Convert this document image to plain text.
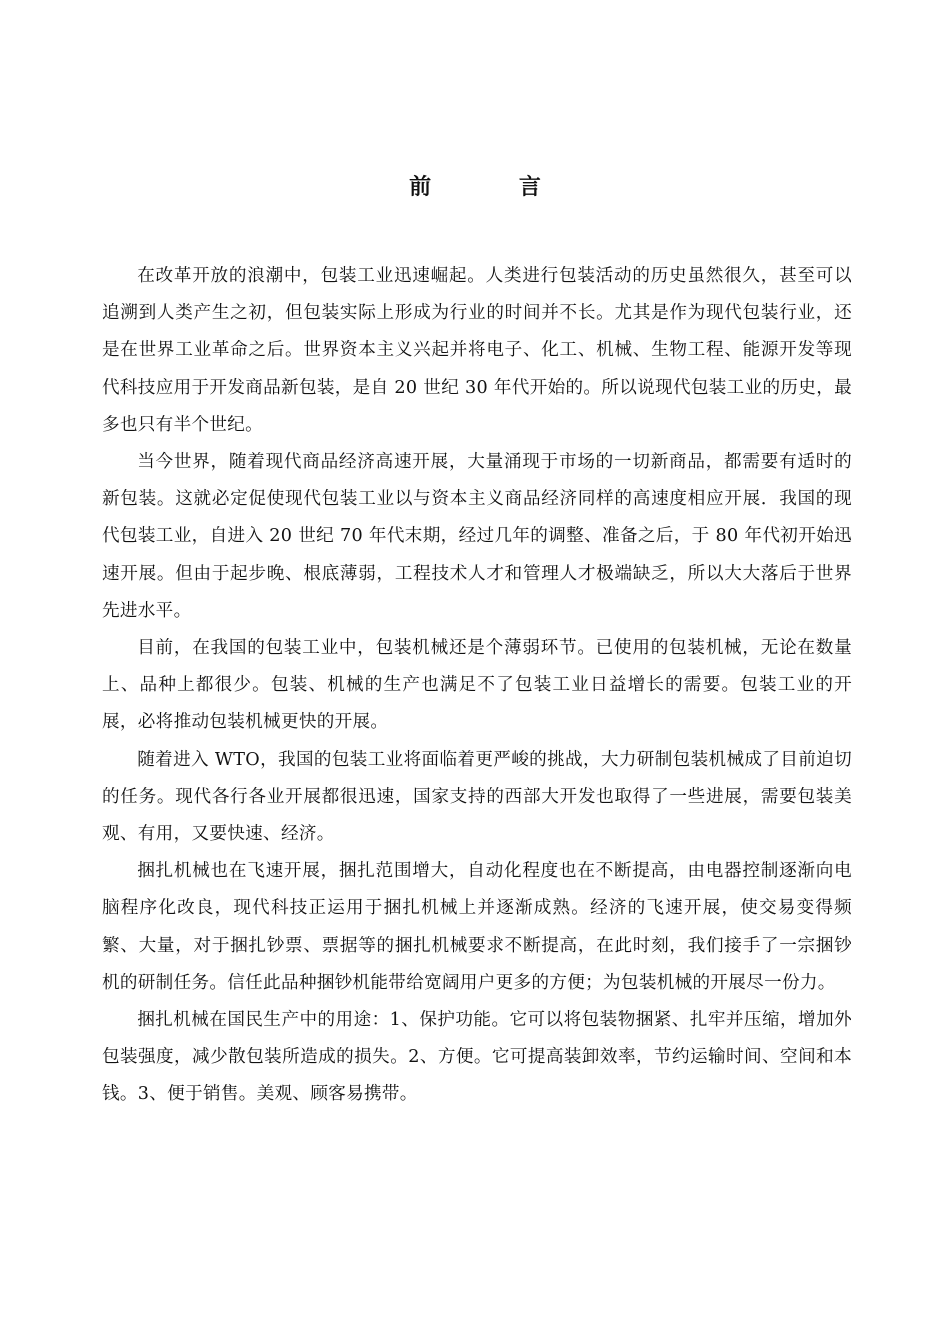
前 言

在改革开放的浪潮中，包装工业迅速崛起。人类进行包装活动的历史虽然很久，甚至可以追溯到人类产生之初，但包装实际上形成为行业的时间并不长。尤其是作为现代包装行业，还是在世界工业革命之后。世界资本主义兴起并将电子、化工、机械、生物工程、能源开发等现代科技应用于开发商品新包装，是自 20 世纪 30 年代开始的。所以说现代包装工业的历史，最多也只有半个世纪。

当今世界，随着现代商品经济高速开展，大量涌现于市场的一切新商品，都需要有适时的新包装。这就必定促使现代包装工业以与资本主义商品经济同样的高速度相应开展．我国的现代包装工业，自进入 20 世纪 70 年代末期，经过几年的调整、准备之后，于 80 年代初开始迅速开展。但由于起步晚、根底薄弱，工程技术人才和管理人才极端缺乏，所以大大落后于世界先进水平。

目前，在我国的包装工业中，包装机械还是个薄弱环节。已使用的包装机械，无论在数量上、品种上都很少。包装、机械的生产也满足不了包装工业日益增长的需要。包装工业的开展，必将推动包装机械更快的开展。

随着进入 WTO，我国的包装工业将面临着更严峻的挑战，大力研制包装机械成了目前迫切的任务。现代各行各业开展都很迅速，国家支持的西部大开发也取得了一些进展，需要包装美观、有用，又要快速、经济。

捆扎机械也在飞速开展，捆扎范围增大，自动化程度也在不断提高，由电器控制逐渐向电脑程序化改良，现代科技正运用于捆扎机械上并逐渐成熟。经济的飞速开展，使交易变得频繁、大量，对于捆扎钞票、票据等的捆扎机械要求不断提高，在此时刻，我们接手了一宗捆钞机的研制任务。信任此品种捆钞机能带给宽阔用户更多的方便；为包装机械的开展尽一份力。

捆扎机械在国民生产中的用途：1、保护功能。它可以将包装物捆紧、扎牢并压缩，增加外包装强度，减少散包装所造成的损失。2、方便。它可提高装卸效率，节约运输时间、空间和本钱。3、便于销售。美观、顾客易携带。
